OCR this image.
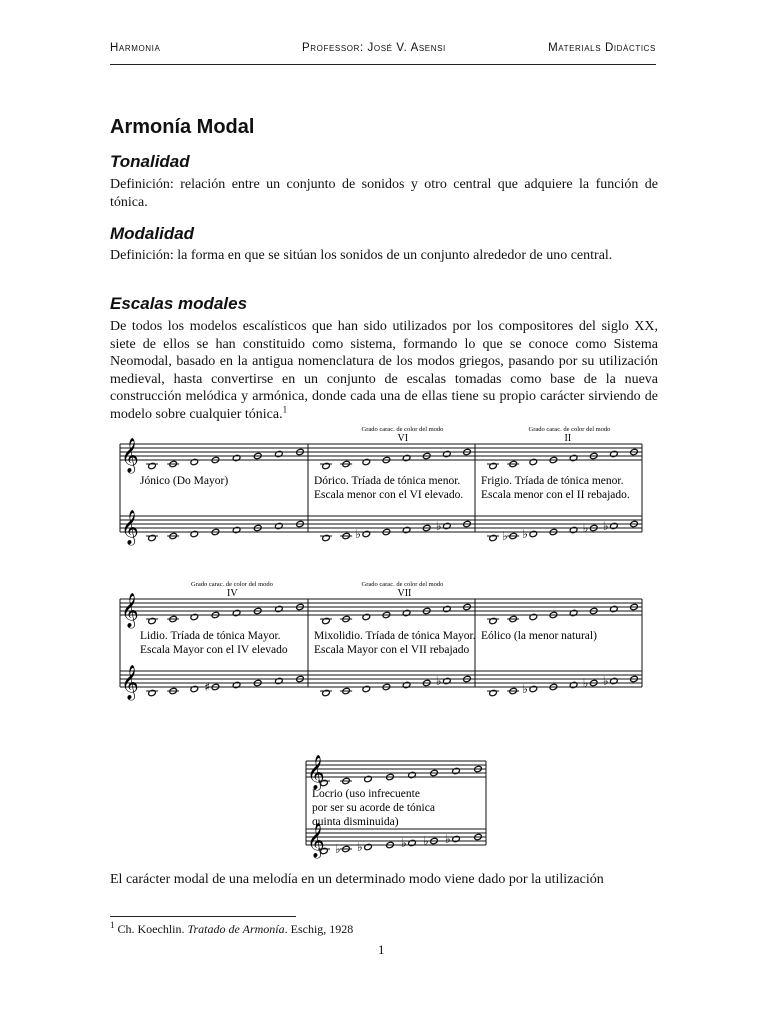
Harmonia	Professor: José V. Asensi	Materials Didàctics
Armonía Modal
Tonalidad
Definición: relación entre un conjunto de sonidos y otro central que adquiere la función de tónica.
Modalidad
Definición: la forma en que se sitúan los sonidos de un conjunto alrededor de uno central.
Escalas modales
De todos los modelos escalísticos que han sido utilizados por los compositores del siglo XX, siete de ellos se han constituido como sistema, formando lo que se conoce como Sistema Neomodal, basado en la antigua nomenclatura de los modos griegos, pasando por su utilización medieval, hasta convertirse en un conjunto de escalas tomadas como base de la nueva construcción melódica y armónica, donde cada una de ellas tiene su propio carácter sirviendo de modelo sobre cualquier tónica.$^1$
𝄞
𝄞
Jónico (Do Mayor)
♭
♭
Dórico. Tríada de tónica menor.
Escala menor con el VI elevado.
Grado carac. de color del modo
VI
♭ ♭	♭ ♭
Frigio. Tríada de tónica menor.
Escala menor con el II rebajado.
Grado carac. de color del modo
II
𝄞
𝄞	♯
Lidio. Tríada de tónica Mayor.
Escala Mayor con el IV elevado
Grado carac. de color del modo
IV
♭
Mixolidio. Tríada de tónica Mayor.
Escala Mayor con el VII rebajado
Grado carac. de color del modo
VII
♭	♭ ♭
Eólico (la menor natural)
𝄞
𝄞 ♭ ♭	♭ ♭ ♭
Locrio (uso infrecuente
por ser su acorde de tónica
quinta disminuida)
El carácter modal de una melodía en un determinado modo viene dado por la utilización
$^1$ Ch. Koechlin. Tratado de Armonía. Eschig, 1928
1
